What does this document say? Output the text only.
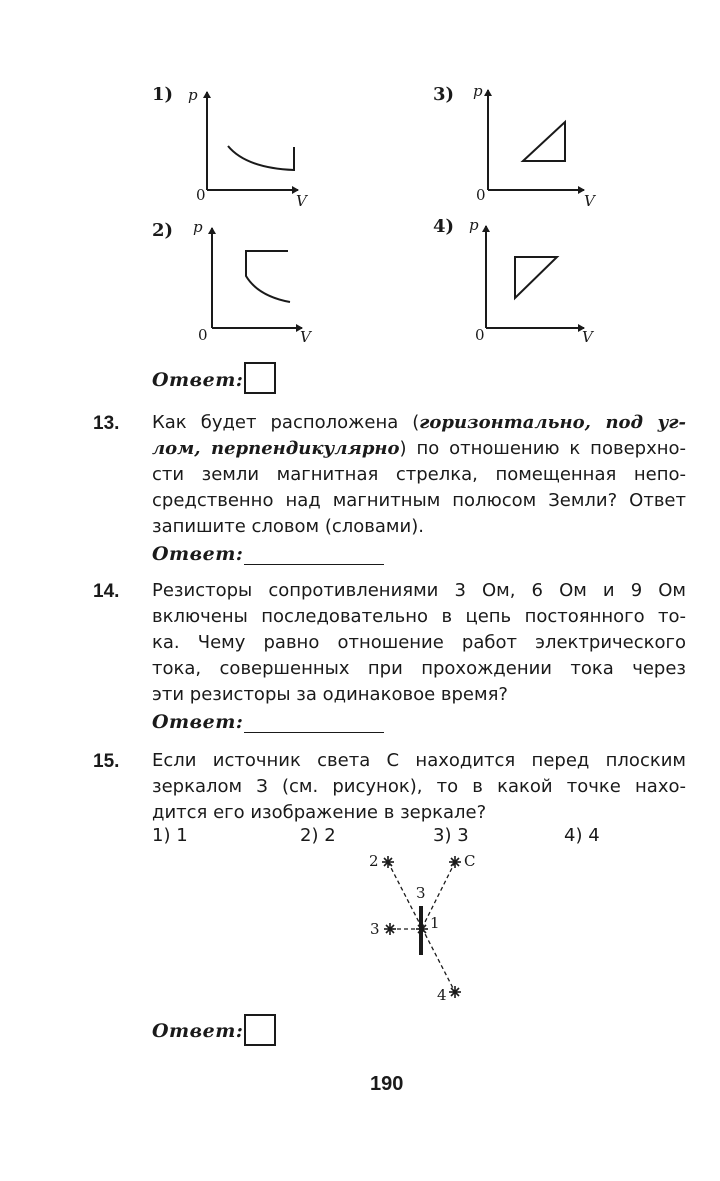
1) p
V
0
2) p
V
0
3) p
V
0
4) p
V
0
Ответ:
13. Как будет расположена (горизонтально, под уг-
лом, перпендикулярно) по отношению к поверхно-
сти земли магнитная стрелка, помещенная непо-
средственно над магнитным полюсом Земли? Ответ
запишите словом (словами).
Ответ:
14. Резисторы сопротивлениями 3 Ом, 6 Ом и 9 Ом
включены последовательно в цепь постоянного то-
ка. Чему равно отношение работ электрического
тока, совершенных при прохождении тока через
эти резисторы за одинаковое время?
Ответ:
15. Если источник света С находится перед плоским
зеркалом З (см. рисунок), то в какой точке нахо-
дится его изображение в зеркале?
1) 1	2) 2	3) 3	4) 4
2	С
З
3	1
4
Ответ:
190
